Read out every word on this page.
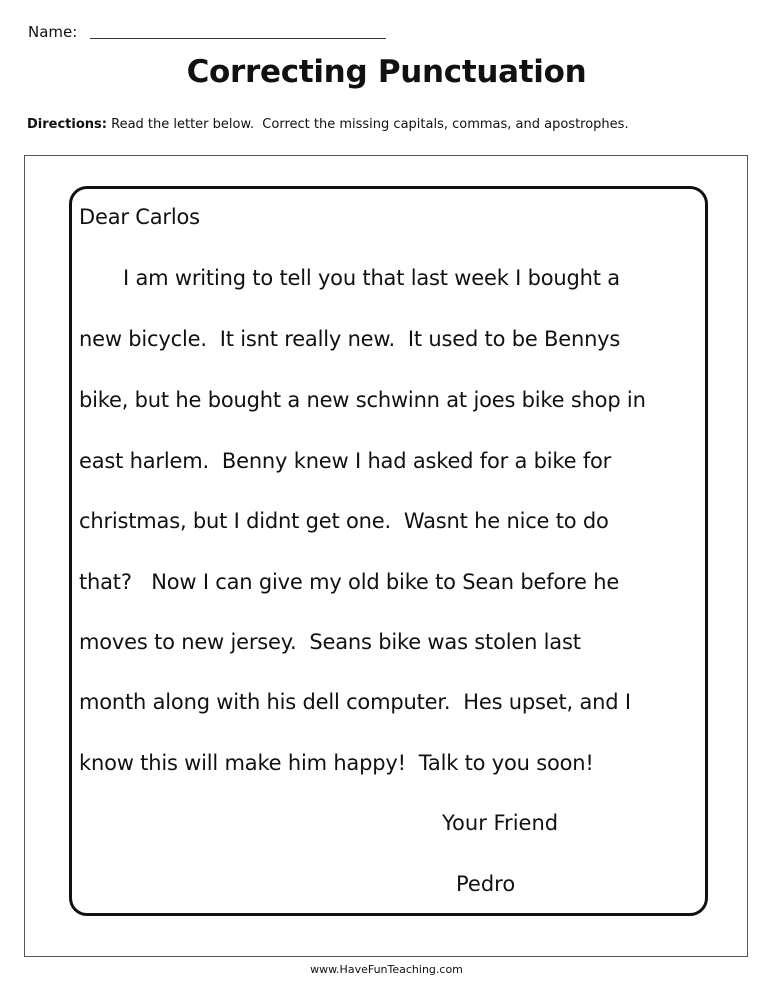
Name:
Correcting Punctuation
Directions: Read the letter below.  Correct the missing capitals, commas, and apostrophes.
Dear Carlos
I am writing to tell you that last week I bought a
new bicycle.  It isnt really new.  It used to be Bennys
bike, but he bought a new schwinn at joes bike shop in
east harlem.  Benny knew I had asked for a bike for
christmas, but I didnt get one.  Wasnt he nice to do
that?   Now I can give my old bike to Sean before he
moves to new jersey.  Seans bike was stolen last
month along with his dell computer.  Hes upset, and I
know this will make him happy!  Talk to you soon!
Your Friend
Pedro
www.HaveFunTeaching.com
